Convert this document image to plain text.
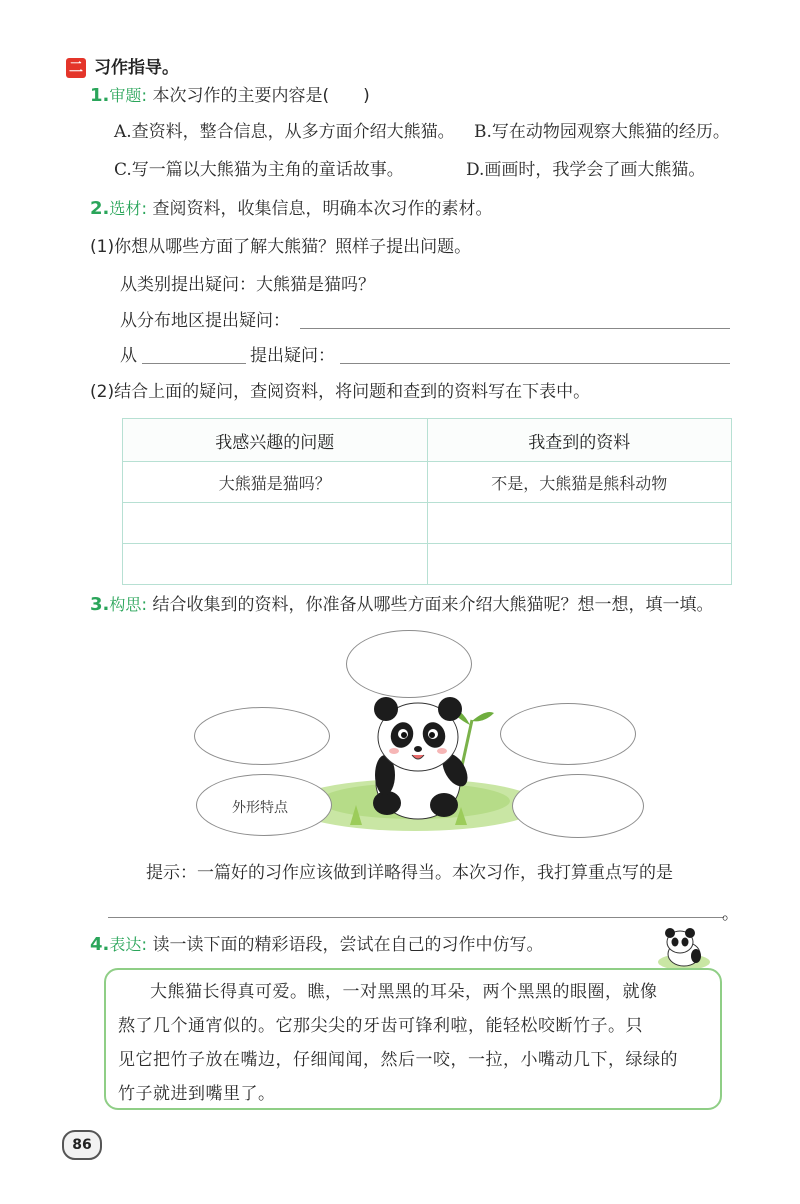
二 习作指导。
1.审题: 本次习作的主要内容是( )
A.查资料，整合信息，从多方面介绍大熊猫。 B.写在动物园观察大熊猫的经历。
C.写一篇以大熊猫为主角的童话故事。	D.画画时，我学会了画大熊猫。
2.选材: 查阅资料，收集信息，明确本次习作的素材。
(1)你想从哪些方面了解大熊猫？照样子提出问题。
从类别提出疑问：大熊猫是猫吗？
从分布地区提出疑问：
从	提出疑问：
(2)结合上面的疑问，查阅资料，将问题和查到的资料写在下表中。
我感兴趣的问题	我查到的资料
大熊猫是猫吗？	不是，大熊猫是熊科动物

3.构思: 结合收集到的资料，你准备从哪些方面来介绍大熊猫呢？想一想，填一填。
外形特点
提示：一篇好的习作应该做到详略得当。本次习作，我打算重点写的是
。
4.表达: 读一读下面的精彩语段，尝试在自己的习作中仿写。
大熊猫长得真可爱。瞧，一对黑黑的耳朵，两个黑黑的眼圈，就像
熬了几个通宵似的。它那尖尖的牙齿可锋利啦，能轻松咬断竹子。只
见它把竹子放在嘴边，仔细闻闻，然后一咬，一拉，小嘴动几下，绿绿的
竹子就进到嘴里了。
86
